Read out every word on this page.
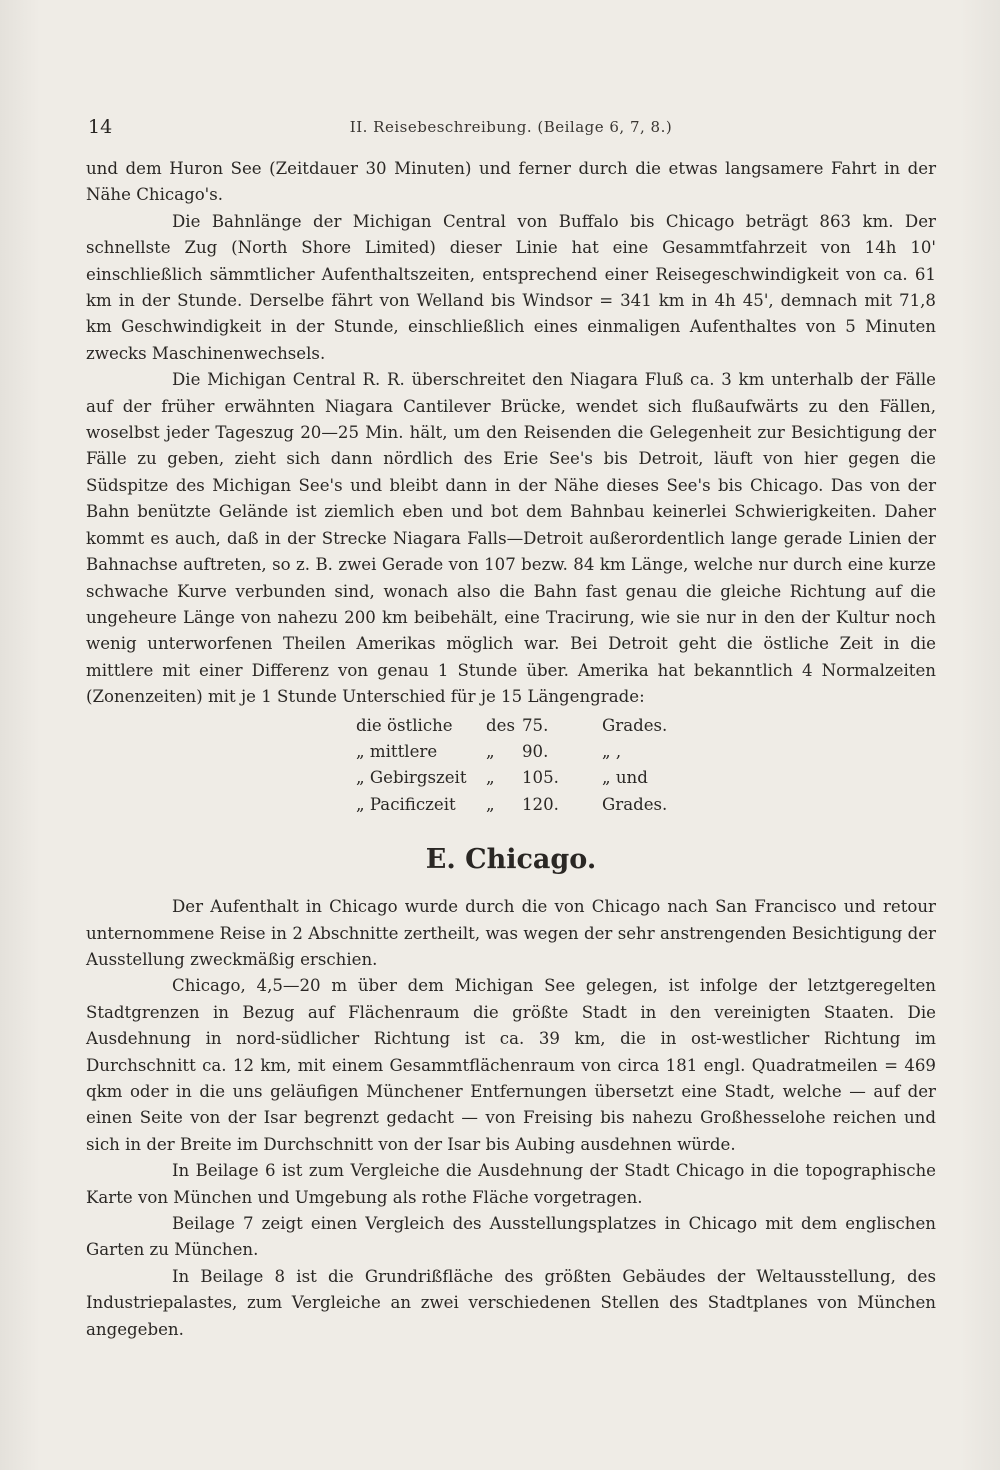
14	II. Reisebeschreibung. (Beilage 6, 7, 8.)

und dem Huron See (Zeitdauer 30 Minuten) und ferner durch die etwas langsamere Fahrt in der Nähe Chicago's.

Die Bahnlänge der Michigan Central von Buffalo bis Chicago beträgt 863 km. Der schnellste Zug (North Shore Limited) dieser Linie hat eine Gesammtfahrzeit von 14h 10' einschließlich sämmtlicher Aufenthaltszeiten, entsprechend einer Reisegeschwindigkeit von ca. 61 km in der Stunde. Derselbe fährt von Welland bis Windsor = 341 km in 4h 45', demnach mit 71,8 km Geschwindigkeit in der Stunde, einschließlich eines einmaligen Aufenthaltes von 5 Minuten zwecks Maschinenwechsels.

Die Michigan Central R. R. überschreitet den Niagara Fluß ca. 3 km unterhalb der Fälle auf der früher erwähnten Niagara Cantilever Brücke, wendet sich flußaufwärts zu den Fällen, woselbst jeder Tageszug 20—25 Min. hält, um den Reisenden die Gelegenheit zur Besichtigung der Fälle zu geben, zieht sich dann nördlich des Erie See's bis Detroit, läuft von hier gegen die Südspitze des Michigan See's und bleibt dann in der Nähe dieses See's bis Chicago. Das von der Bahn benützte Gelände ist ziemlich eben und bot dem Bahnbau keinerlei Schwierigkeiten. Daher kommt es auch, daß in der Strecke Niagara Falls—Detroit außerordentlich lange gerade Linien der Bahnachse auftreten, so z. B. zwei Gerade von 107 bezw. 84 km Länge, welche nur durch eine kurze schwache Kurve verbunden sind, wonach also die Bahn fast genau die gleiche Richtung auf die ungeheure Länge von nahezu 200 km beibehält, eine Tracirung, wie sie nur in den der Kultur noch wenig unterworfenen Theilen Amerikas möglich war. Bei Detroit geht die östliche Zeit in die mittlere mit einer Differenz von genau 1 Stunde über. Amerika hat bekanntlich 4 Normalzeiten (Zonenzeiten) mit je 1 Stunde Unterschied für je 15 Längengrade:

die östliche	des 75.	Grades.
„ mittlere	„	90.	„ ,
„ Gebirgszeit	„	105.	„ und
„ Pacificzeit	„	120.	Grades.
E. Chicago.

Der Aufenthalt in Chicago wurde durch die von Chicago nach San Francisco und retour unternommene Reise in 2 Abschnitte zertheilt, was wegen der sehr anstrengenden Besichtigung der Ausstellung zweckmäßig erschien.

Chicago, 4,5—20 m über dem Michigan See gelegen, ist infolge der letztgeregelten Stadtgrenzen in Bezug auf Flächenraum die größte Stadt in den vereinigten Staaten. Die Ausdehnung in nord-südlicher Richtung ist ca. 39 km, die in ost-westlicher Richtung im Durchschnitt ca. 12 km, mit einem Gesammtflächenraum von circa 181 engl. Quadratmeilen = 469 qkm oder in die uns geläufigen Münchener Entfernungen übersetzt eine Stadt, welche — auf der einen Seite von der Isar begrenzt gedacht — von Freising bis nahezu Großhesselohe reichen und sich in der Breite im Durchschnitt von der Isar bis Aubing ausdehnen würde.

In Beilage 6 ist zum Vergleiche die Ausdehnung der Stadt Chicago in die topographische Karte von München und Umgebung als rothe Fläche vorgetragen.

Beilage 7 zeigt einen Vergleich des Ausstellungsplatzes in Chicago mit dem englischen Garten zu München.

In Beilage 8 ist die Grundrißfläche des größten Gebäudes der Weltausstellung, des Industriepalastes, zum Vergleiche an zwei verschiedenen Stellen des Stadtplanes von München angegeben.
